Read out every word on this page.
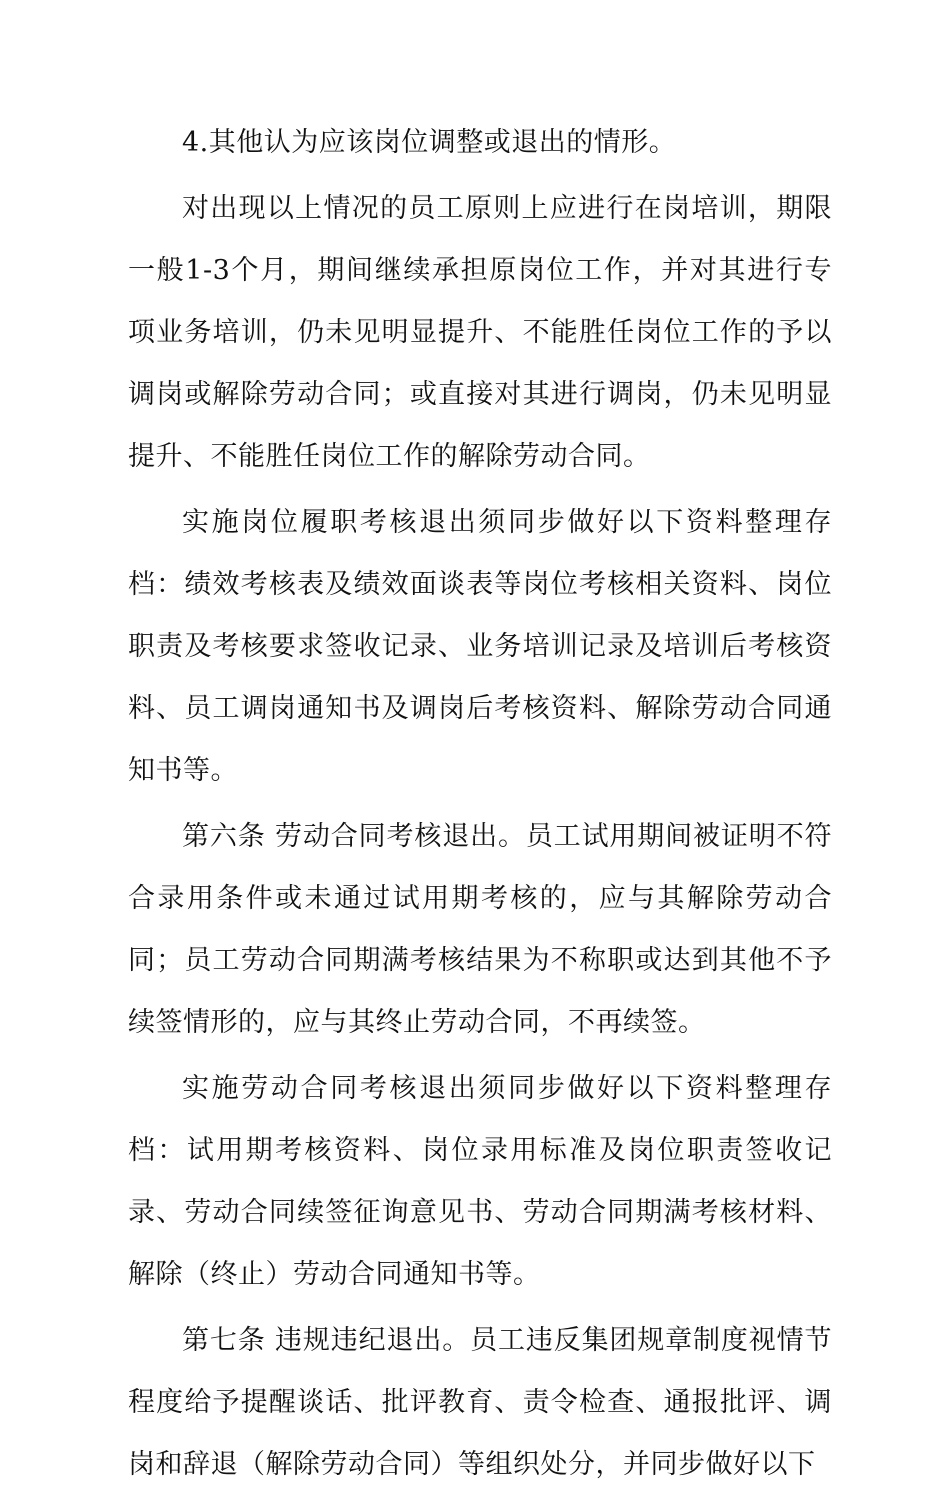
4.其他认为应该岗位调整或退出的情形。

对出现以上情况的员工原则上应进行在岗培训，期限一般1-3个月，期间继续承担原岗位工作，并对其进行专项业务培训，仍未见明显提升、不能胜任岗位工作的予以调岗或解除劳动合同；或直接对其进行调岗，仍未见明显提升、不能胜任岗位工作的解除劳动合同。

实施岗位履职考核退出须同步做好以下资料整理存档：绩效考核表及绩效面谈表等岗位考核相关资料、岗位职责及考核要求签收记录、业务培训记录及培训后考核资料、员工调岗通知书及调岗后考核资料、解除劳动合同通知书等。

第六条 劳动合同考核退出。员工试用期间被证明不符合录用条件或未通过试用期考核的，应与其解除劳动合同；员工劳动合同期满考核结果为不称职或达到其他不予续签情形的，应与其终止劳动合同，不再续签。

实施劳动合同考核退出须同步做好以下资料整理存档：试用期考核资料、岗位录用标准及岗位职责签收记录、劳动合同续签征询意见书、劳动合同期满考核材料、解除（终止）劳动合同通知书等。

第七条 违规违纪退出。员工违反集团规章制度视情节程度给予提醒谈话、批评教育、责令检查、通报批评、调岗和辞退（解除劳动合同）等组织处分，并同步做好以下
